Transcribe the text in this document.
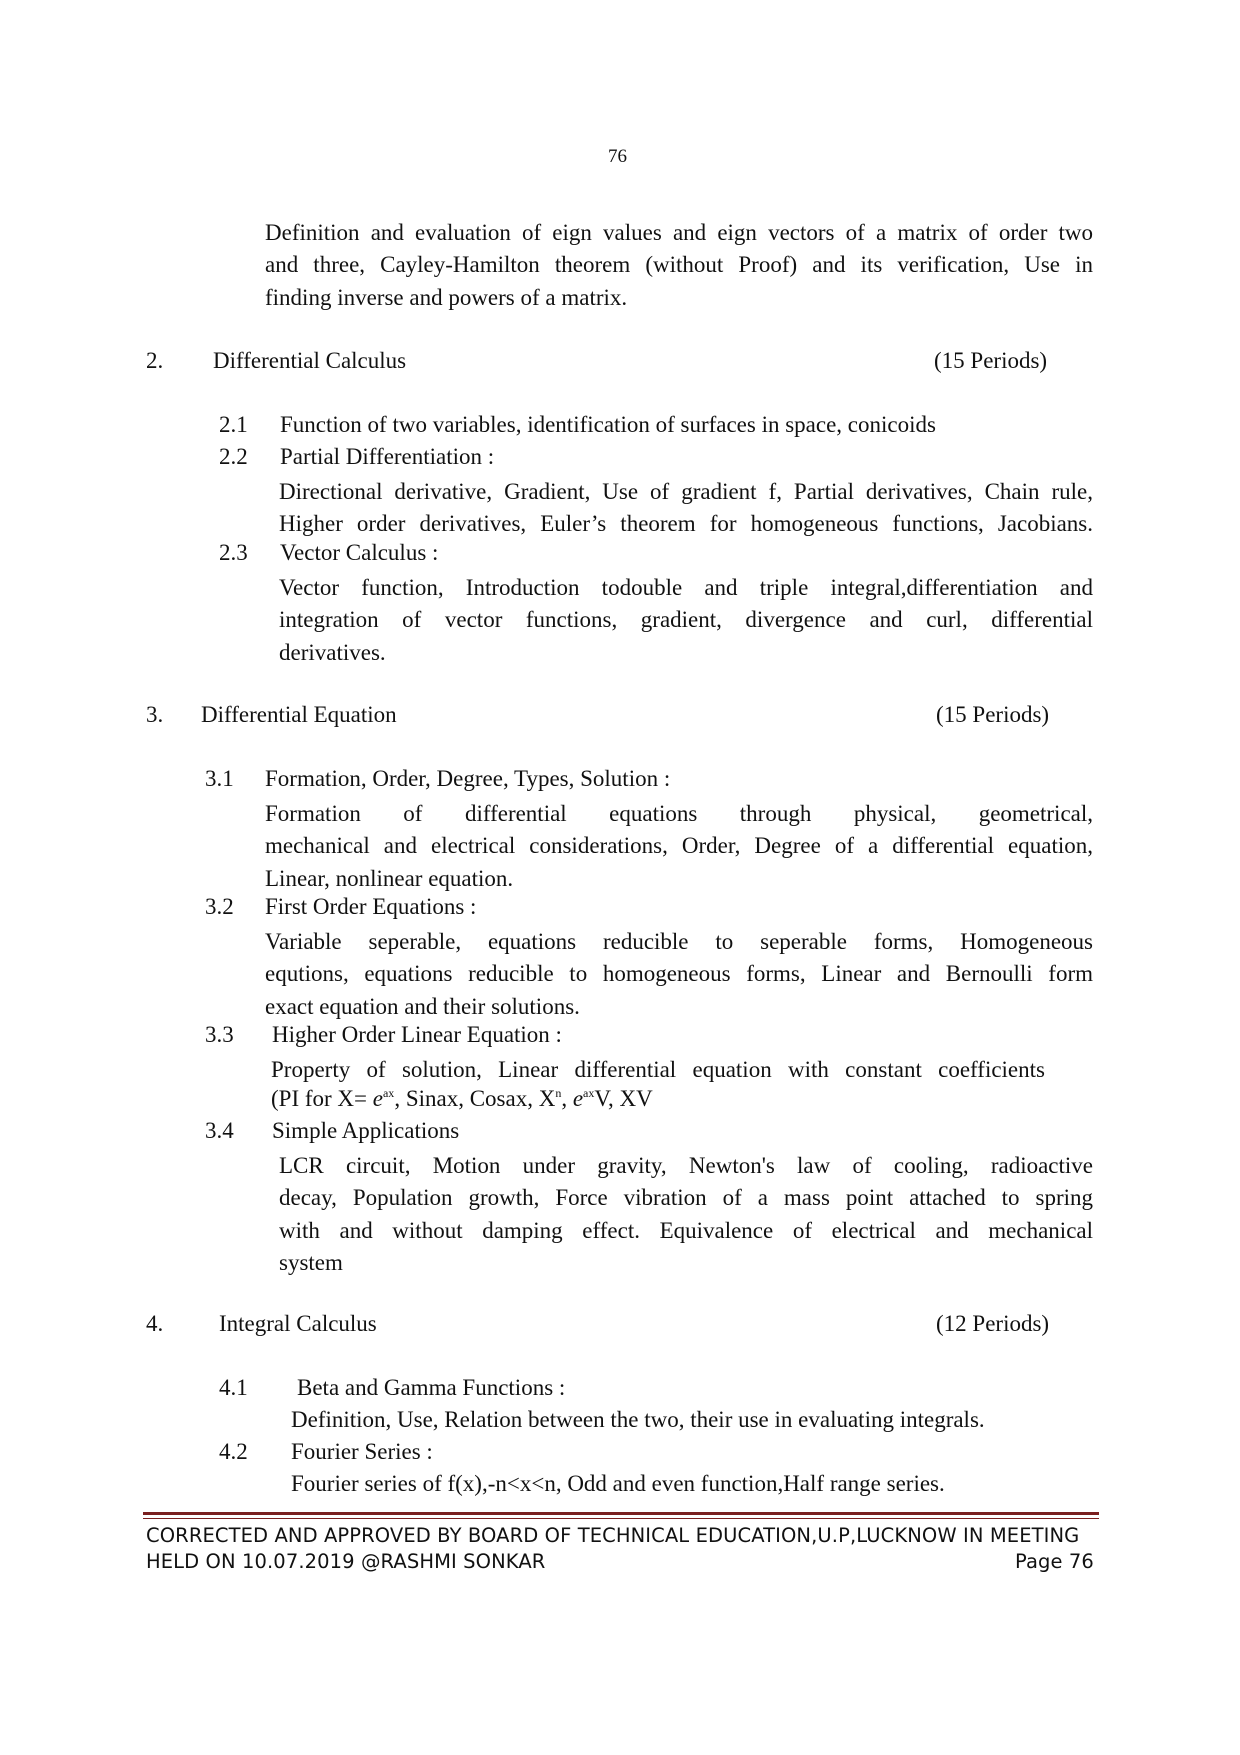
76
Definition and evaluation of eign values and eign vectors of a matrix of order two
and three, Cayley-Hamilton theorem (without Proof) and its verification, Use in
finding inverse and powers of a matrix.
2. Differential Calculus	(15 Periods)
2.1 Function of two variables, identification of surfaces in space, conicoids
2.2 Partial Differentiation :
Directional derivative, Gradient, Use of gradient f, Partial derivatives, Chain rule,
Higher order derivatives, Euler’s theorem for homogeneous functions, Jacobians.
2.3 Vector Calculus :
Vector function, Introduction todouble and triple integral,differentiation and
integration of vector functions, gradient, divergence and curl, differential
derivatives.
3. Differential Equation	(15 Periods)
3.1 Formation, Order, Degree, Types, Solution :
Formation of differential equations through physical, geometrical,
mechanical and electrical considerations, Order, Degree of a differential equation,
Linear, nonlinear equation.
3.2 First Order Equations :
Variable seperable, equations reducible to seperable forms, Homogeneous
equtions, equations reducible to homogeneous forms, Linear and Bernoulli form
exact equation and their solutions.
3.3 Higher Order Linear Equation :
Property of solution, Linear differential equation with constant coefficients
(PI for $X= e^{ax}$, Sinax, Cosax, $X^n$, $e^{ax}V$, XV
3.4 Simple Applications
LCR circuit, Motion under gravity, Newton's law of cooling, radioactive
decay, Population growth, Force vibration of a mass point attached to spring
with and without damping effect. Equivalence of electrical and mechanical
system
4. Integral Calculus	(12 Periods)
4.1 Beta and Gamma Functions :
Definition, Use, Relation between the two, their use in evaluating integrals.
4.2 Fourier Series :
Fourier series of f(x),-n<x<n, Odd and even function,Half range series.
CORRECTED AND APPROVED BY BOARD OF TECHNICAL EDUCATION,U.P,LUCKNOW IN MEETING
HELD ON 10.07.2019 @RASHMI SONKAR	Page 76
